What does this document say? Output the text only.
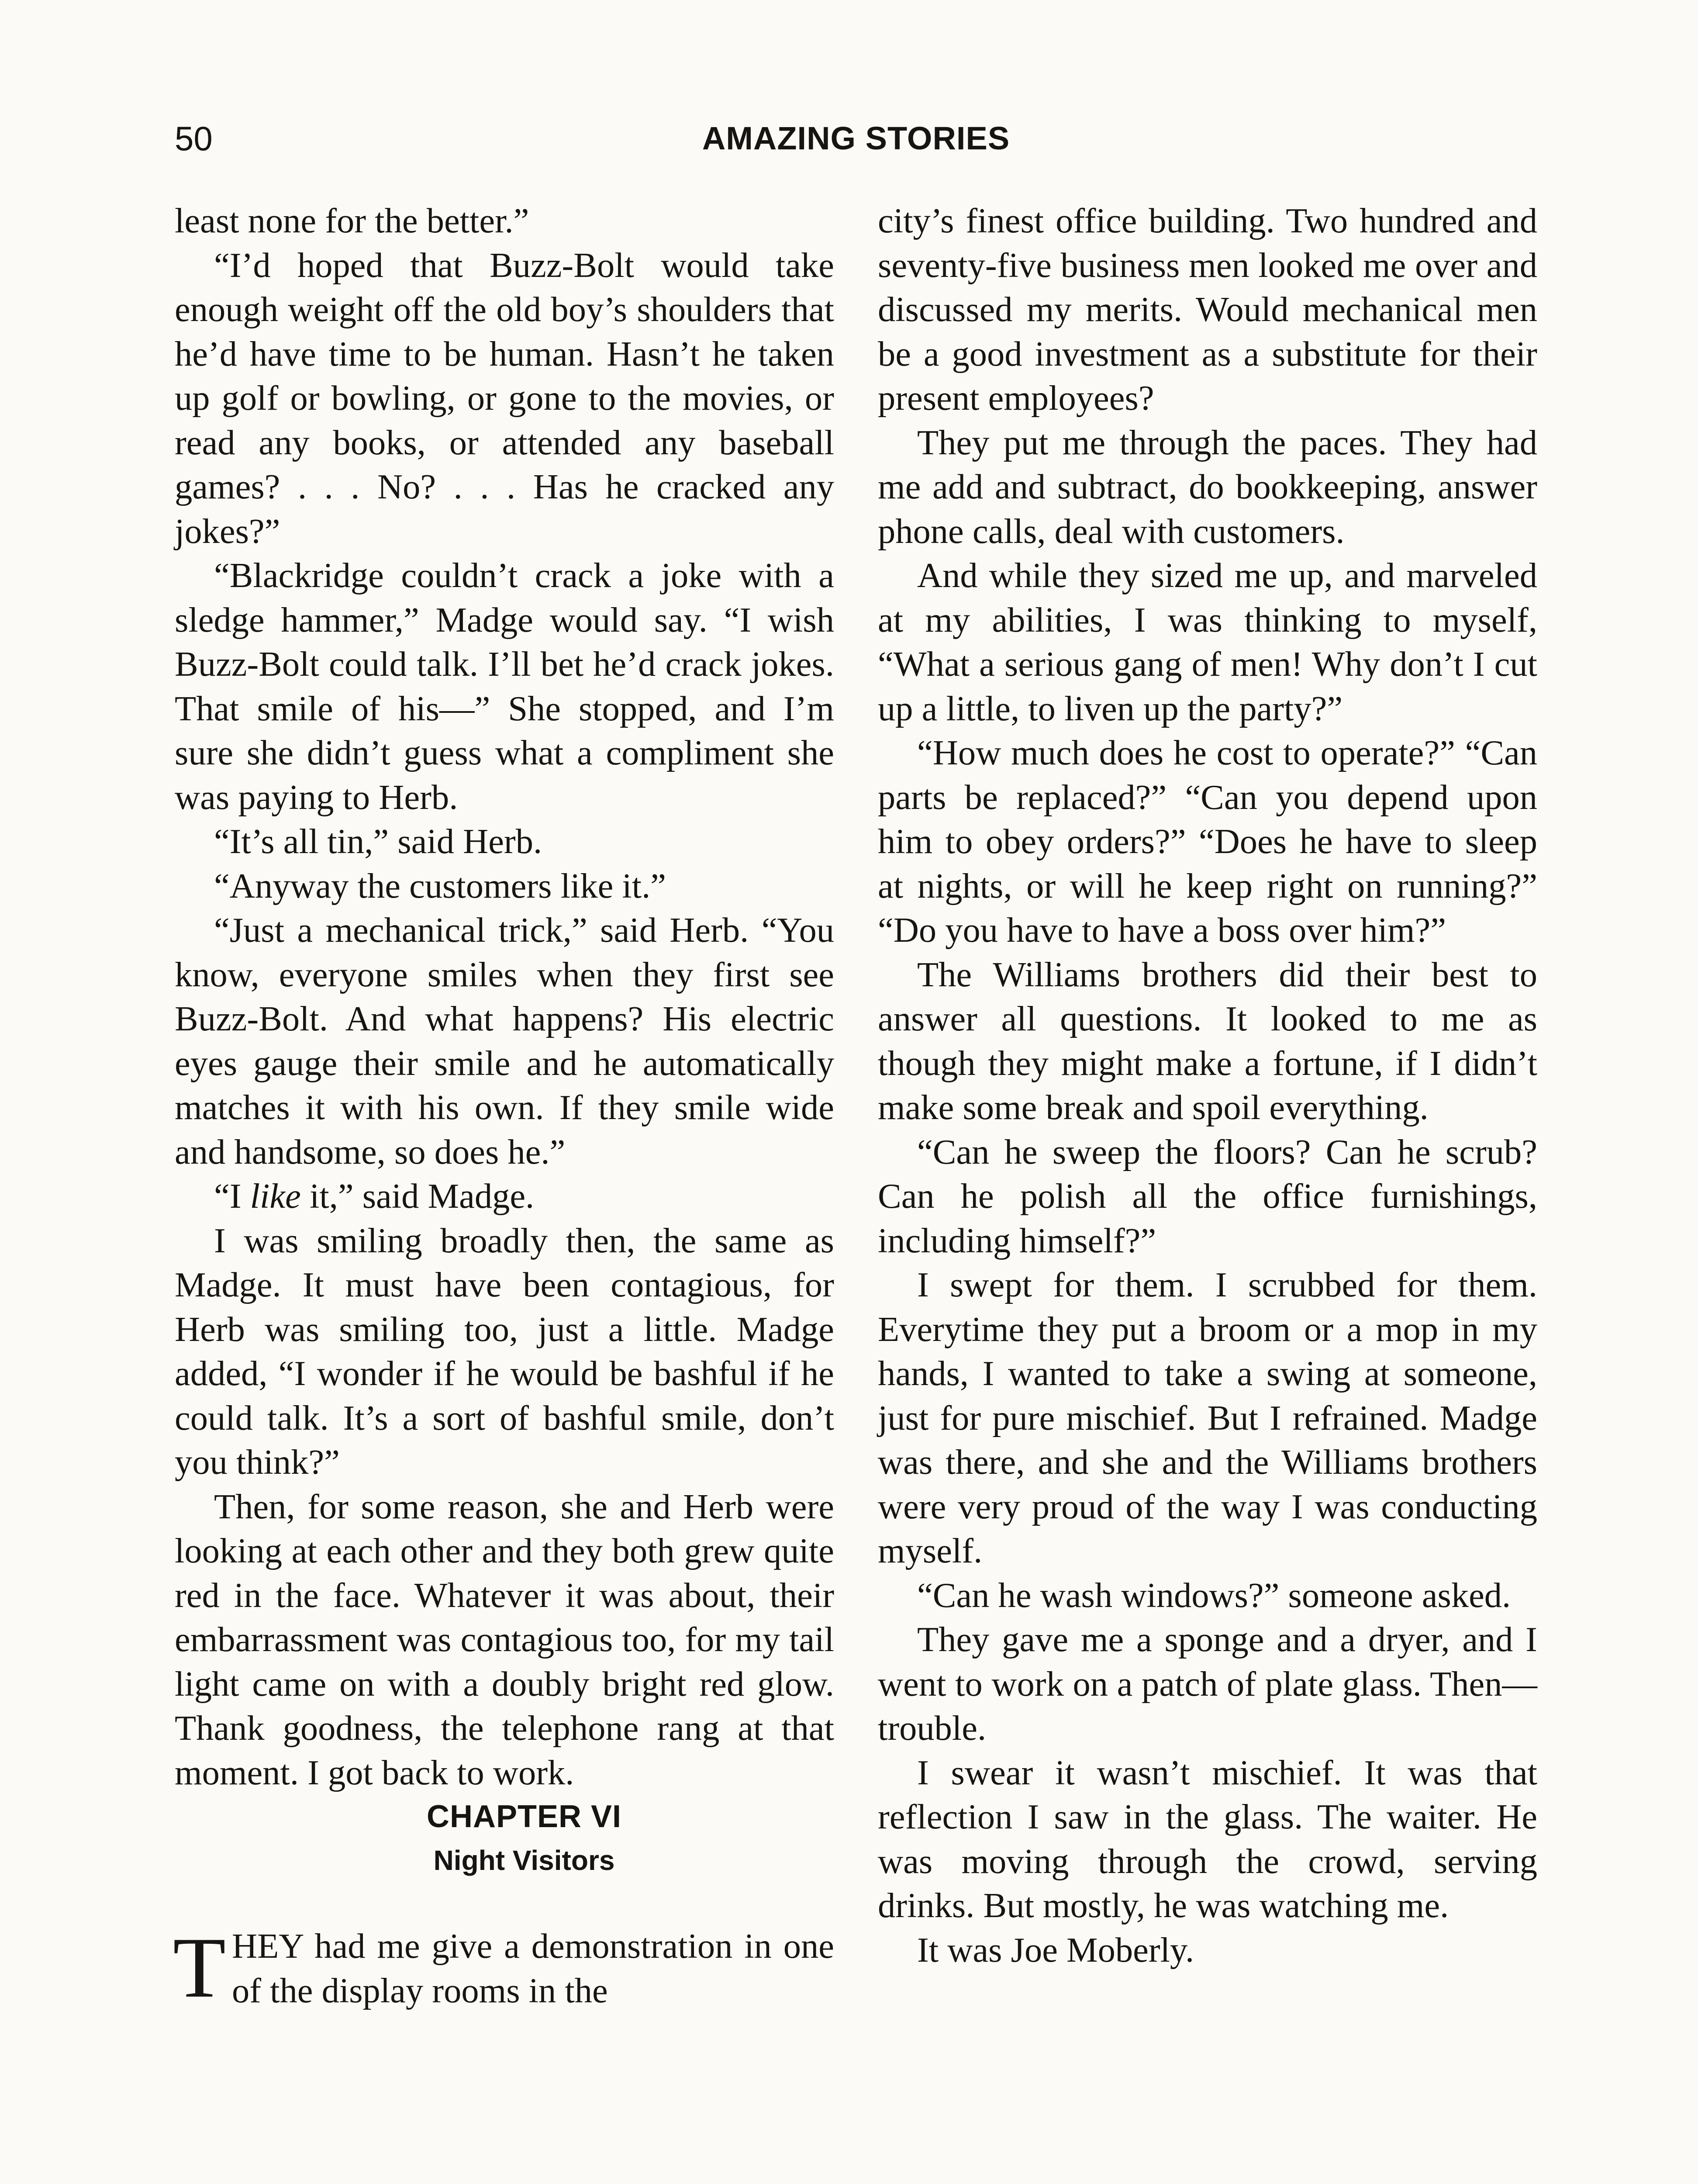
50	AMAZING STORIES

least none for the better.”

“I’d hoped that Buzz-Bolt would take enough weight off the old boy’s shoulders that he’d have time to be human. Hasn’t he taken up golf or bowling, or gone to the movies, or read any books, or attended any baseball games? . . . No? . . . Has he cracked any jokes?”

“Blackridge couldn’t crack a joke with a sledge hammer,” Madge would say. “I wish Buzz-Bolt could talk. I’ll bet he’d crack jokes. That smile of his—” She stopped, and I’m sure she didn’t guess what a compliment she was paying to Herb.

“It’s all tin,” said Herb.

“Anyway the customers like it.”

“Just a mechanical trick,” said Herb. “You know, everyone smiles when they first see Buzz-Bolt. And what happens? His electric eyes gauge their smile and he automatically matches it with his own. If they smile wide and handsome, so does he.”

“I like it,” said Madge.

I was smiling broadly then, the same as Madge. It must have been contagious, for Herb was smiling too, just a little. Madge added, “I wonder if he would be bashful if he could talk. It’s a sort of bashful smile, don’t you think?”

Then, for some reason, she and Herb were looking at each other and they both grew quite red in the face. Whatever it was about, their embarrassment was contagious too, for my tail light came on with a doubly bright red glow. Thank goodness, the telephone rang at that moment. I got back to work.

CHAPTER VI

Night Visitors

THEY had me give a demonstration in one of the display rooms in the

city’s finest office building. Two hundred and seventy-five business men looked me over and discussed my merits. Would mechanical men be a good investment as a substitute for their present employees?

They put me through the paces. They had me add and subtract, do bookkeeping, answer phone calls, deal with customers.

And while they sized me up, and marveled at my abilities, I was thinking to myself, “What a serious gang of men! Why don’t I cut up a little, to liven up the party?”

“How much does he cost to operate?” “Can parts be replaced?” “Can you depend upon him to obey orders?” “Does he have to sleep at nights, or will he keep right on running?” “Do you have to have a boss over him?”

The Williams brothers did their best to answer all questions. It looked to me as though they might make a fortune, if I didn’t make some break and spoil everything.

“Can he sweep the floors? Can he scrub? Can he polish all the office furnishings, including himself?”

I swept for them. I scrubbed for them. Everytime they put a broom or a mop in my hands, I wanted to take a swing at someone, just for pure mischief. But I refrained. Madge was there, and she and the Williams brothers were very proud of the way I was conducting myself.

“Can he wash windows?” someone asked.

They gave me a sponge and a dryer, and I went to work on a patch of plate glass. Then—trouble.

I swear it wasn’t mischief. It was that reflection I saw in the glass. The waiter. He was moving through the crowd, serving drinks. But mostly, he was watching me.

It was Joe Moberly.
